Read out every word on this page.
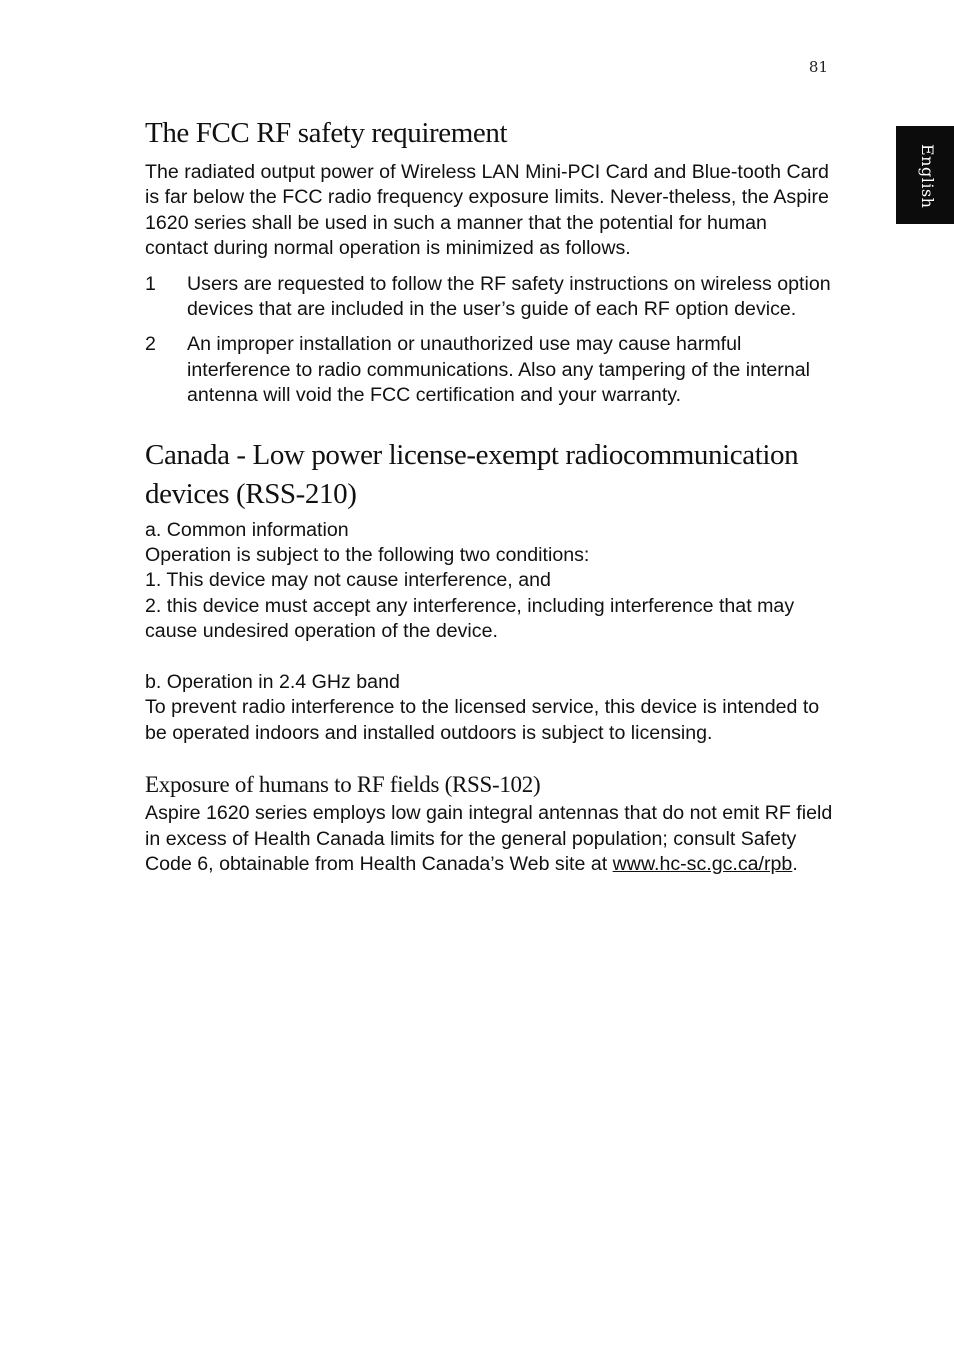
81
English
The FCC RF safety requirement

The radiated output power of Wireless LAN Mini-PCI Card and Blue-tooth Card is far below the FCC radio frequency exposure limits. Never-theless, the Aspire 1620 series shall be used in such a manner that the potential for human contact during normal operation is minimized as follows.

1	Users are requested to follow the RF safety instructions on wireless option devices that are included in the user’s guide of each RF option device.
2	An improper installation or unauthorized use may cause harmful interference to radio communications. Also any tampering of the internal antenna will void the FCC certification and your warranty.
Canada - Low power license-exempt radiocommunication devices (RSS-210)

a. Common information

Operation is subject to the following two conditions:

1. This device may not cause interference, and

2. this device must accept any interference, including interference that may cause undesired operation of the device.

b. Operation in 2.4 GHz band

To prevent radio interference to the licensed service, this device is intended to be operated indoors and installed outdoors is subject to licensing.

Exposure of humans to RF fields (RSS-102)

Aspire 1620 series employs low gain integral antennas that do not emit RF field in excess of Health Canada limits for the general population; consult Safety Code 6, obtainable from Health Canada’s Web site at www.hc-sc.gc.ca/rpb.
